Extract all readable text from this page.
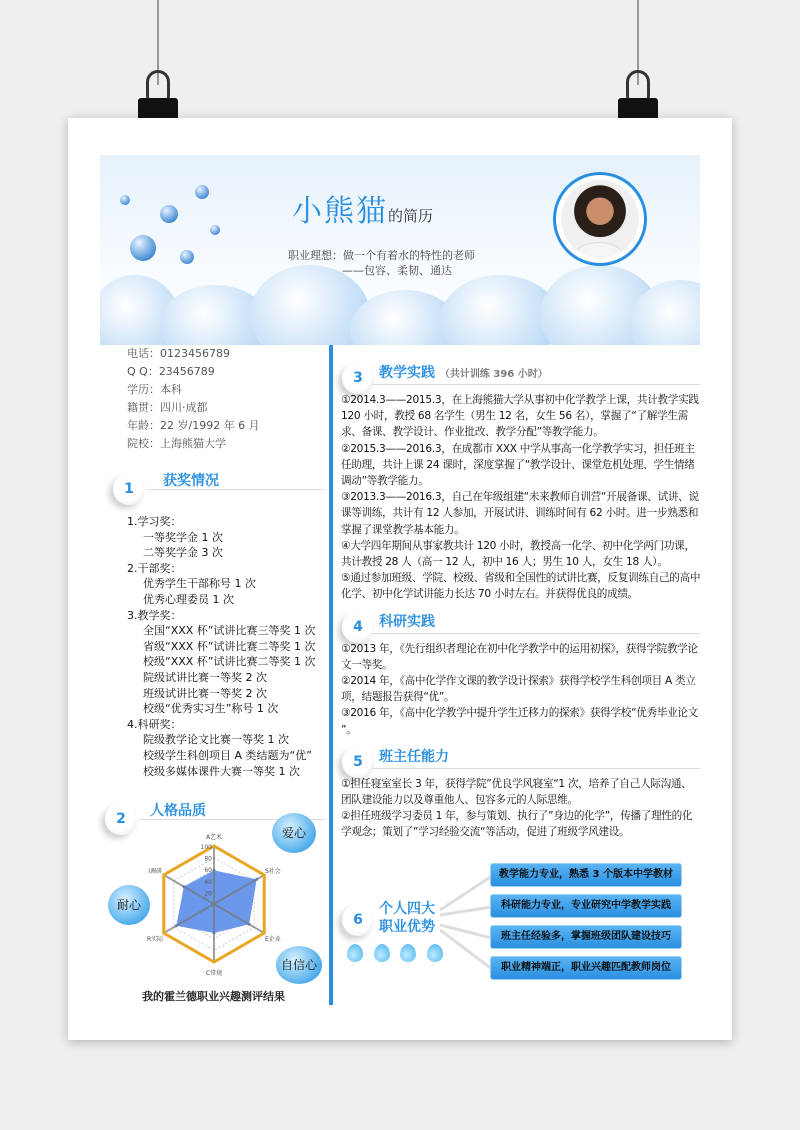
小熊猫的简历
职业理想：做一个有着水的特性的老师
——包容、柔韧、通达
电话：0123456789
Q Q：23456789
学历：本科
籍贯：四川·成都
年龄：22 岁/1992 年 6 月
院校：上海熊猫大学
1	获奖情况
1.学习奖：
一等奖学金 1 次
二等奖学金 3 次
2.干部奖：
优秀学生干部称号 1 次
优秀心理委员 1 次
3.教学奖：
全国“XXX 杯”试讲比赛三等奖 1 次
省级“XXX 杯”试讲比赛二等奖 1 次
校级“XXX 杯”试讲比赛二等奖 1 次
院级试讲比赛一等奖 2 次
班级试讲比赛一等奖 2 次
校级“优秀实习生”称号 1 次
4.科研奖：
院级教学论文比赛一等奖 1 次
校级学生科创项目 A 类结题为“优”
校级多媒体课件大赛一等奖 1 次
2	人格品质
20
40
60
80
100
A艺术
S社会
E企业
C常规
R实际
I调研
爱心
耐心
自信心
我的霍兰德职业兴趣测评结果
3	教学实践 （共计训练 396 小时）
①2014.3——2015.3，在上海熊猫大学从事初中化学教学上课，共计教学实践 120 小时，教授 68 名学生（男生 12 名，女生 56 名），掌握了“了解学生需求、备课、教学设计、作业批改、教学分配”等教学能力。
②2015.3——2016.3，在成都市 XXX 中学从事高一化学教学实习，担任班主任助理，共计上课 24 课时，深度掌握了“教学设计、课堂危机处理、学生情绪调动”等教学能力。
③2013.3——2016.3，自己在年级组建“未来教师自训营“开展备课、试讲、说课等训练，共计有 12 人参加，开展试讲、训练时间有 62 小时。进一步熟悉和掌握了课堂教学基本能力。
④大学四年期间从事家教共计 120 小时，教授高一化学、初中化学两门功课，共计教授 28 人（高一 12 人，初中 16 人；男生 10 人，女生 18 人）。
⑤通过参加班级、学院、校级、省级和全国性的试讲比赛，反复训练自己的高中化学、初中化学试讲能力长达 70 小时左右。并获得优良的成绩。
4	科研实践
①2013 年，《先行组织者理论在初中化学教学中的运用初探》，获得学院教学论文一等奖。
②2014 年，《高中化学作文课的教学设计探索》获得学校学生科创项目 A 类立项，结题报告获得“优”。
③2016 年，《高中化学教学中提升学生迁移力的探索》获得学校“优秀毕业论文 ”。
5	班主任能力
①担任寝室室长 3 年，获得学院”优良学风寝室“1 次，培养了自己人际沟通、团队建设能力以及尊重他人、包容多元的人际思维。
②担任班级学习委员 1 年，参与策划、执行了”身边的化学”，传播了理性的化学观念；策划了”学习经验交流“等活动，促进了班级学风建设。
6
个人四大
职业优势
教学能力专业，熟悉 3 个版本中学教材
科研能力专业，专业研究中学教学实践
班主任经验多，掌握班级团队建设技巧
职业精神端正，职业兴趣匹配教师岗位
